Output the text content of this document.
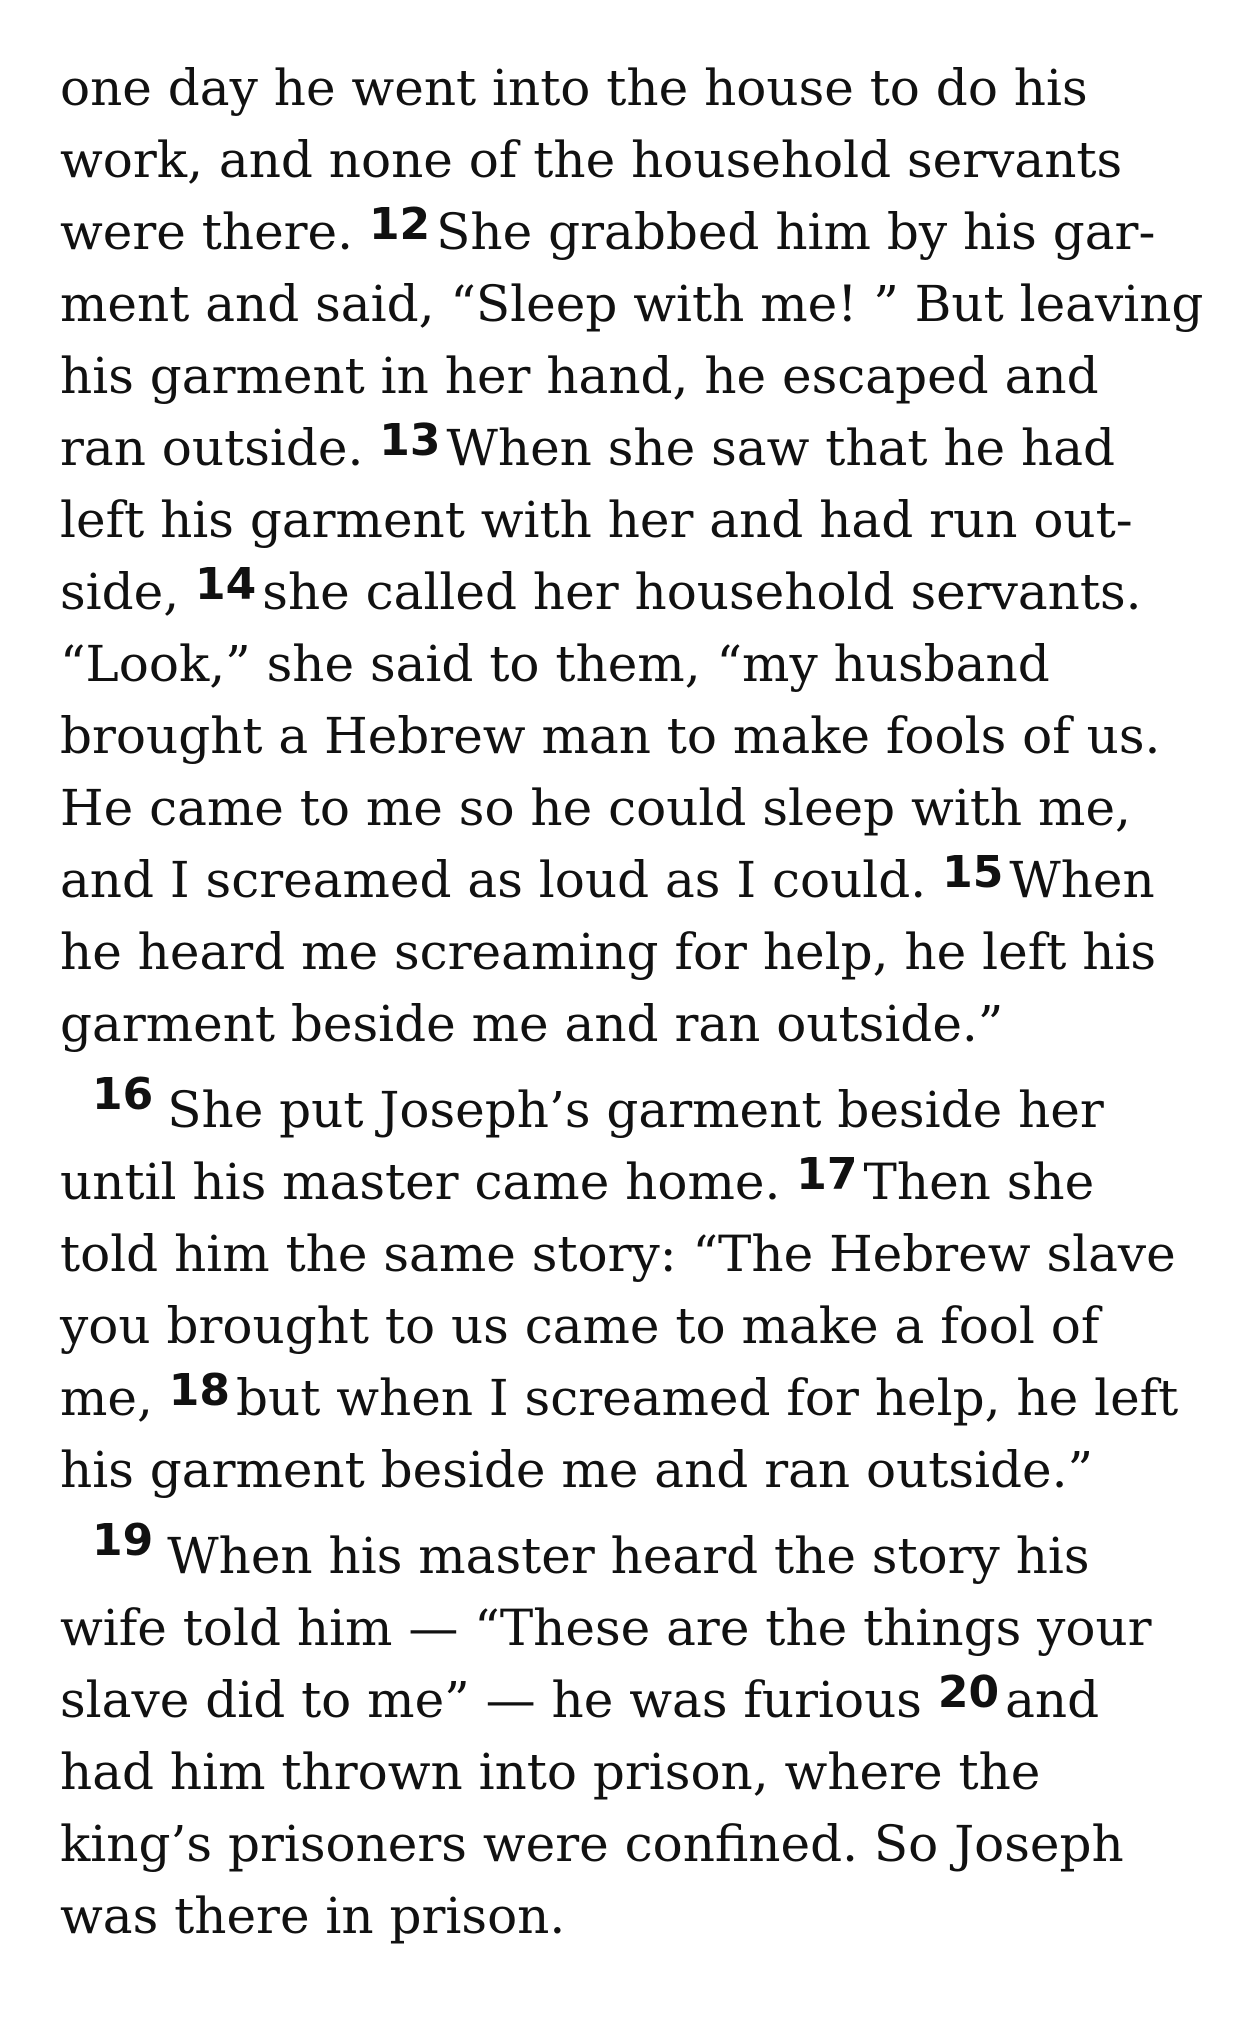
one day he went into the house to do his
work, and none of the household servants
were there. 12 She grabbed him by his gar-
ment and said, “Sleep with me! ” But leaving
his garment in her hand, he escaped and
ran outside. 13 When she saw that he had
left his garment with her and had run out-
side, 14 she called her household servants.
“Look,” she said to them, “my husband
brought a Hebrew man to make fools of us.
He came to me so he could sleep with me,
and I screamed as loud as I could. 15 When
he heard me screaming for help, he left his
garment beside me and ran outside.”
16 She put Joseph’s garment beside her
until his master came home. 17 Then she
told him the same story: “The Hebrew slave
you brought to us came to make a fool of
me, 18 but when I screamed for help, he left
his garment beside me and ran outside.”
19 When his master heard the story his
wife told him — “These are the things your
slave did to me” — he was furious 20 and
had him thrown into prison, where the
king’s prisoners were confined. So Joseph
was there in prison.
